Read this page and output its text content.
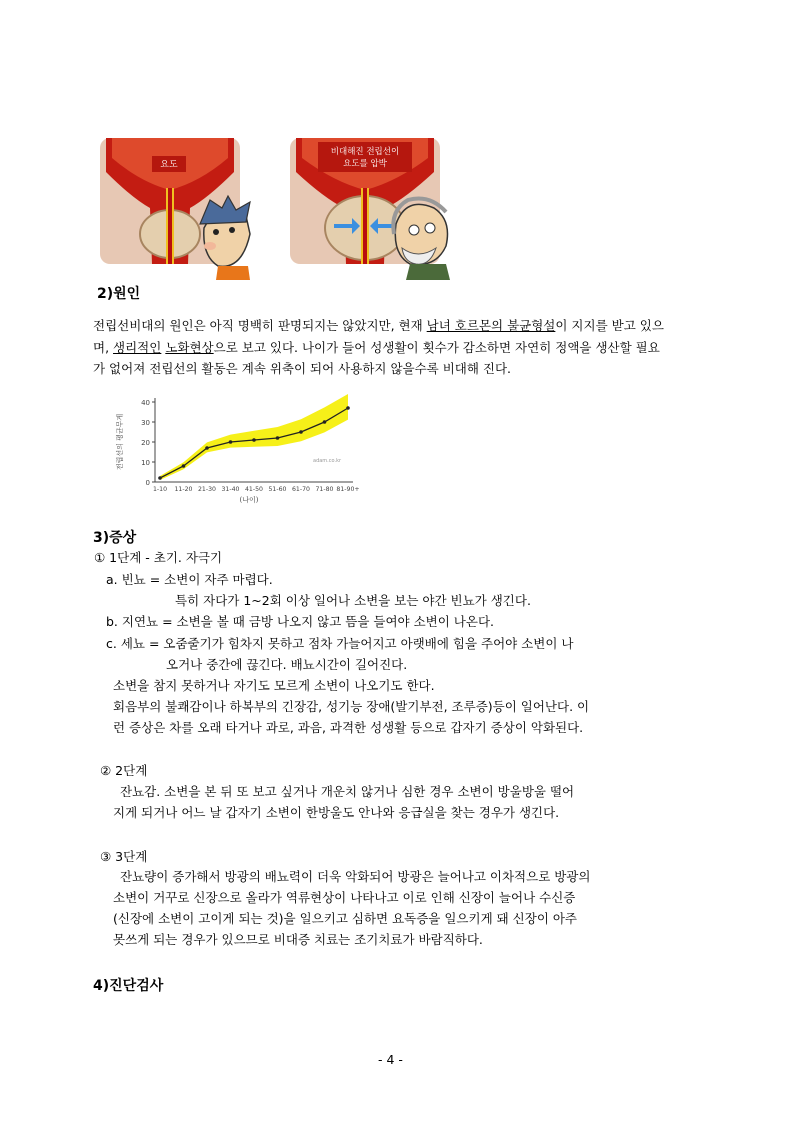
요도
비대해진 전립선이
요도를 압박
2)원인
전립선비대의 원인은 아직 명백히 판명되지는 않았지만, 현재 남녀 호르몬의 불균형설이 지지를 받고 있으
며, 생리적인 노화현상으로 보고 있다. 나이가 들어 성생활이 횟수가 감소하면 자연히 정액을 생산할 필요
가 없어져 전립선의 활동은 계속 위축이 되어 사용하지 않을수록 비대해 진다.
0
10
20
30
40
1-10 11-20 21-30 31-40 41-50 51-60 61-70 71-80 81-90+
(나이)
전립선의 평균무게	adam.co.kr
3)증상
① 1단계 - 초기. 자극기
a. 빈뇨 = 소변이 자주 마렵다.
특히 자다가 1~2회 이상 일어나 소변을 보는 야간 빈뇨가 생긴다.
b. 지연뇨 = 소변을 볼 때 금방 나오지 않고 뜸을 들여야 소변이 나온다.
c. 세뇨 = 오줌줄기가 힘차지 못하고 점차 가늘어지고 아랫배에 힘을 주어야 소변이 나
오거나 중간에 끊긴다. 배뇨시간이 길어진다.
소변을 참지 못하거나 자기도 모르게 소변이 나오기도 한다.
회음부의 불쾌감이나 하복부의 긴장감, 성기능 장애(발기부전, 조루증)등이 일어난다. 이
런 증상은 차를 오래 타거나 과로, 과음, 과격한 성생활 등으로 갑자기 증상이 악화된다.
② 2단계
잔뇨감. 소변을 본 뒤 또 보고 싶거나 개운치 않거나 심한 경우 소변이 방울방울 떨어
지게 되거나 어느 날 갑자기 소변이 한방울도 안나와 응급실을 찾는 경우가 생긴다.
③ 3단계
잔뇨량이 증가해서 방광의 배뇨력이 더욱 악화되어 방광은 늘어나고 이차적으로 방광의
소변이 거꾸로 신장으로 올라가 역류현상이 나타나고 이로 인해 신장이 늘어나 수신증
(신장에 소변이 고이게 되는 것)을 일으키고 심하면 요독증을 일으키게 돼 신장이 아주
못쓰게 되는 경우가 있으므로 비대증 치료는 조기치료가 바람직하다.
4)진단검사
- 4 -
